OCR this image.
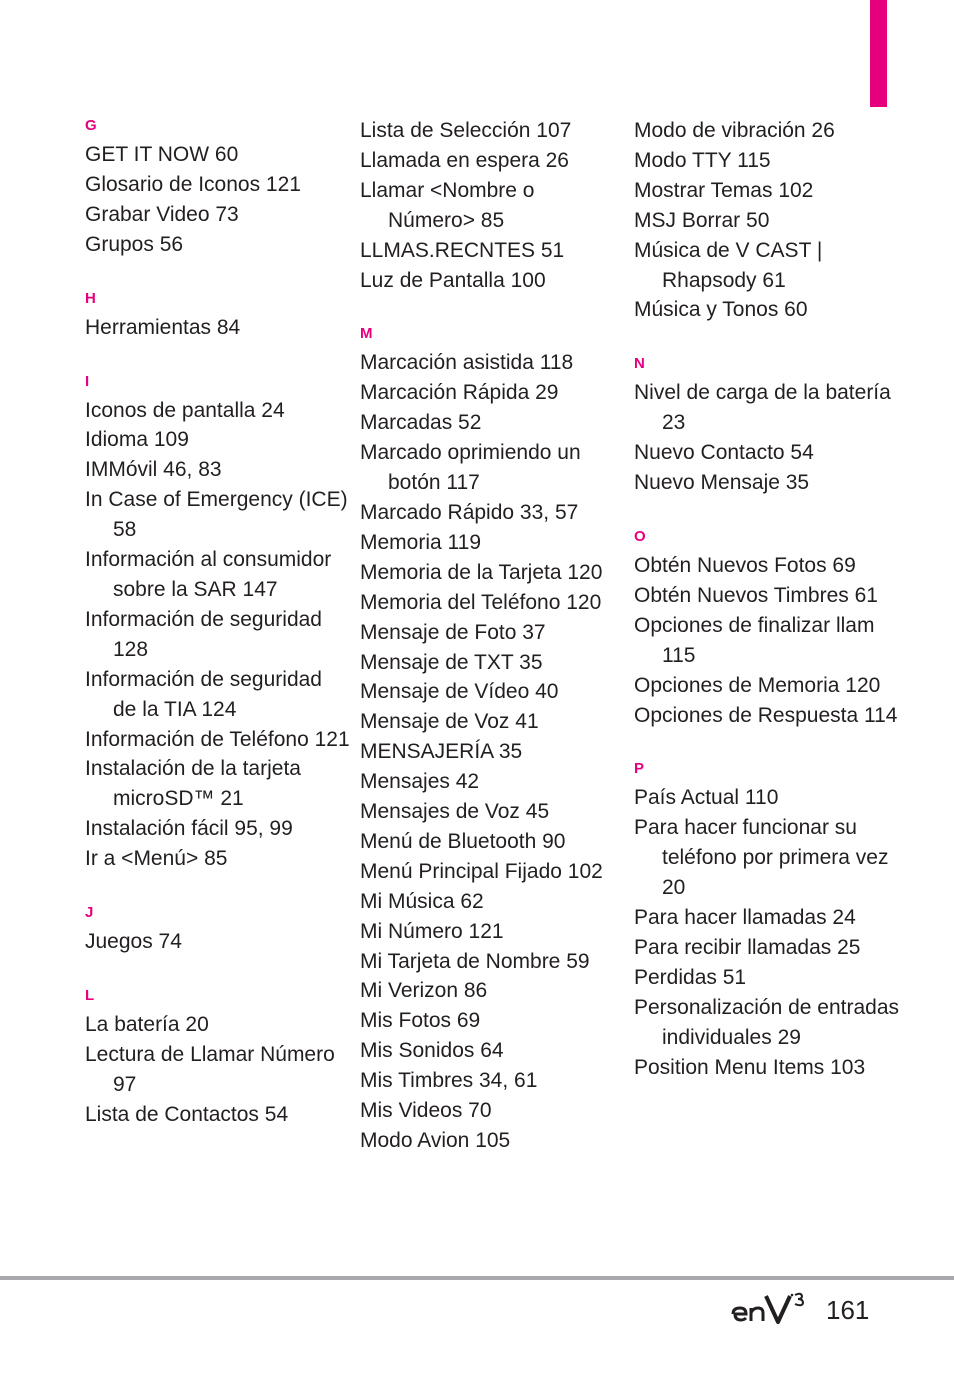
G
GET IT NOW 60
Glosario de Iconos 121
Grabar Video 73
Grupos 56
H
Herramientas 84
I
Iconos de pantalla 24
Idioma 109
IMMóvil 46, 83
In Case of Emergency (ICE) 58
Información al consumidor sobre la SAR 147
Información de seguridad 128
Información de seguridad de la TIA 124
Información de Teléfono 121
Instalación de la tarjeta microSD™ 21
Instalación fácil 95, 99
Ir a <Menú> 85
J
Juegos 74
L
La batería 20
Lectura de Llamar Número 97
Lista de Contactos 54
Lista de Selección 107
Llamada en espera 26
Llamar <Nombre o Número> 85
LLMAS.RECNTES 51
Luz de Pantalla 100
M
Marcación asistida 118
Marcación Rápida 29
Marcadas 52
Marcado oprimiendo un botón 117
Marcado Rápido 33, 57
Memoria 119
Memoria de la Tarjeta 120
Memoria del Teléfono 120
Mensaje de Foto 37
Mensaje de TXT 35
Mensaje de Vídeo 40
Mensaje de Voz 41
MENSAJERÍA 35
Mensajes 42
Mensajes de Voz 45
Menú de Bluetooth 90
Menú Principal Fijado 102
Mi Música 62
Mi Número 121
Mi Tarjeta de Nombre 59
Mi Verizon 86
Mis Fotos 69
Mis Sonidos 64
Mis Timbres 34, 61
Mis Videos 70
Modo Avion 105
Modo de vibración 26
Modo TTY 115
Mostrar Temas 102
MSJ Borrar 50
Música de V CAST | Rhapsody 61
Música y Tonos 60
N
Nivel de carga de la batería 23
Nuevo Contacto 54
Nuevo Mensaje 35
O
Obtén Nuevos Fotos 69
Obtén Nuevos Timbres 61
Opciones de finalizar llam 115
Opciones de Memoria 120
Opciones de Respuesta 114
P
País Actual 110
Para hacer funcionar su teléfono por primera vez 20
Para hacer llamadas 24
Para recibir llamadas 25
Perdidas 51
Personalización de entradas individuales 29
Position Menu Items 103
161
